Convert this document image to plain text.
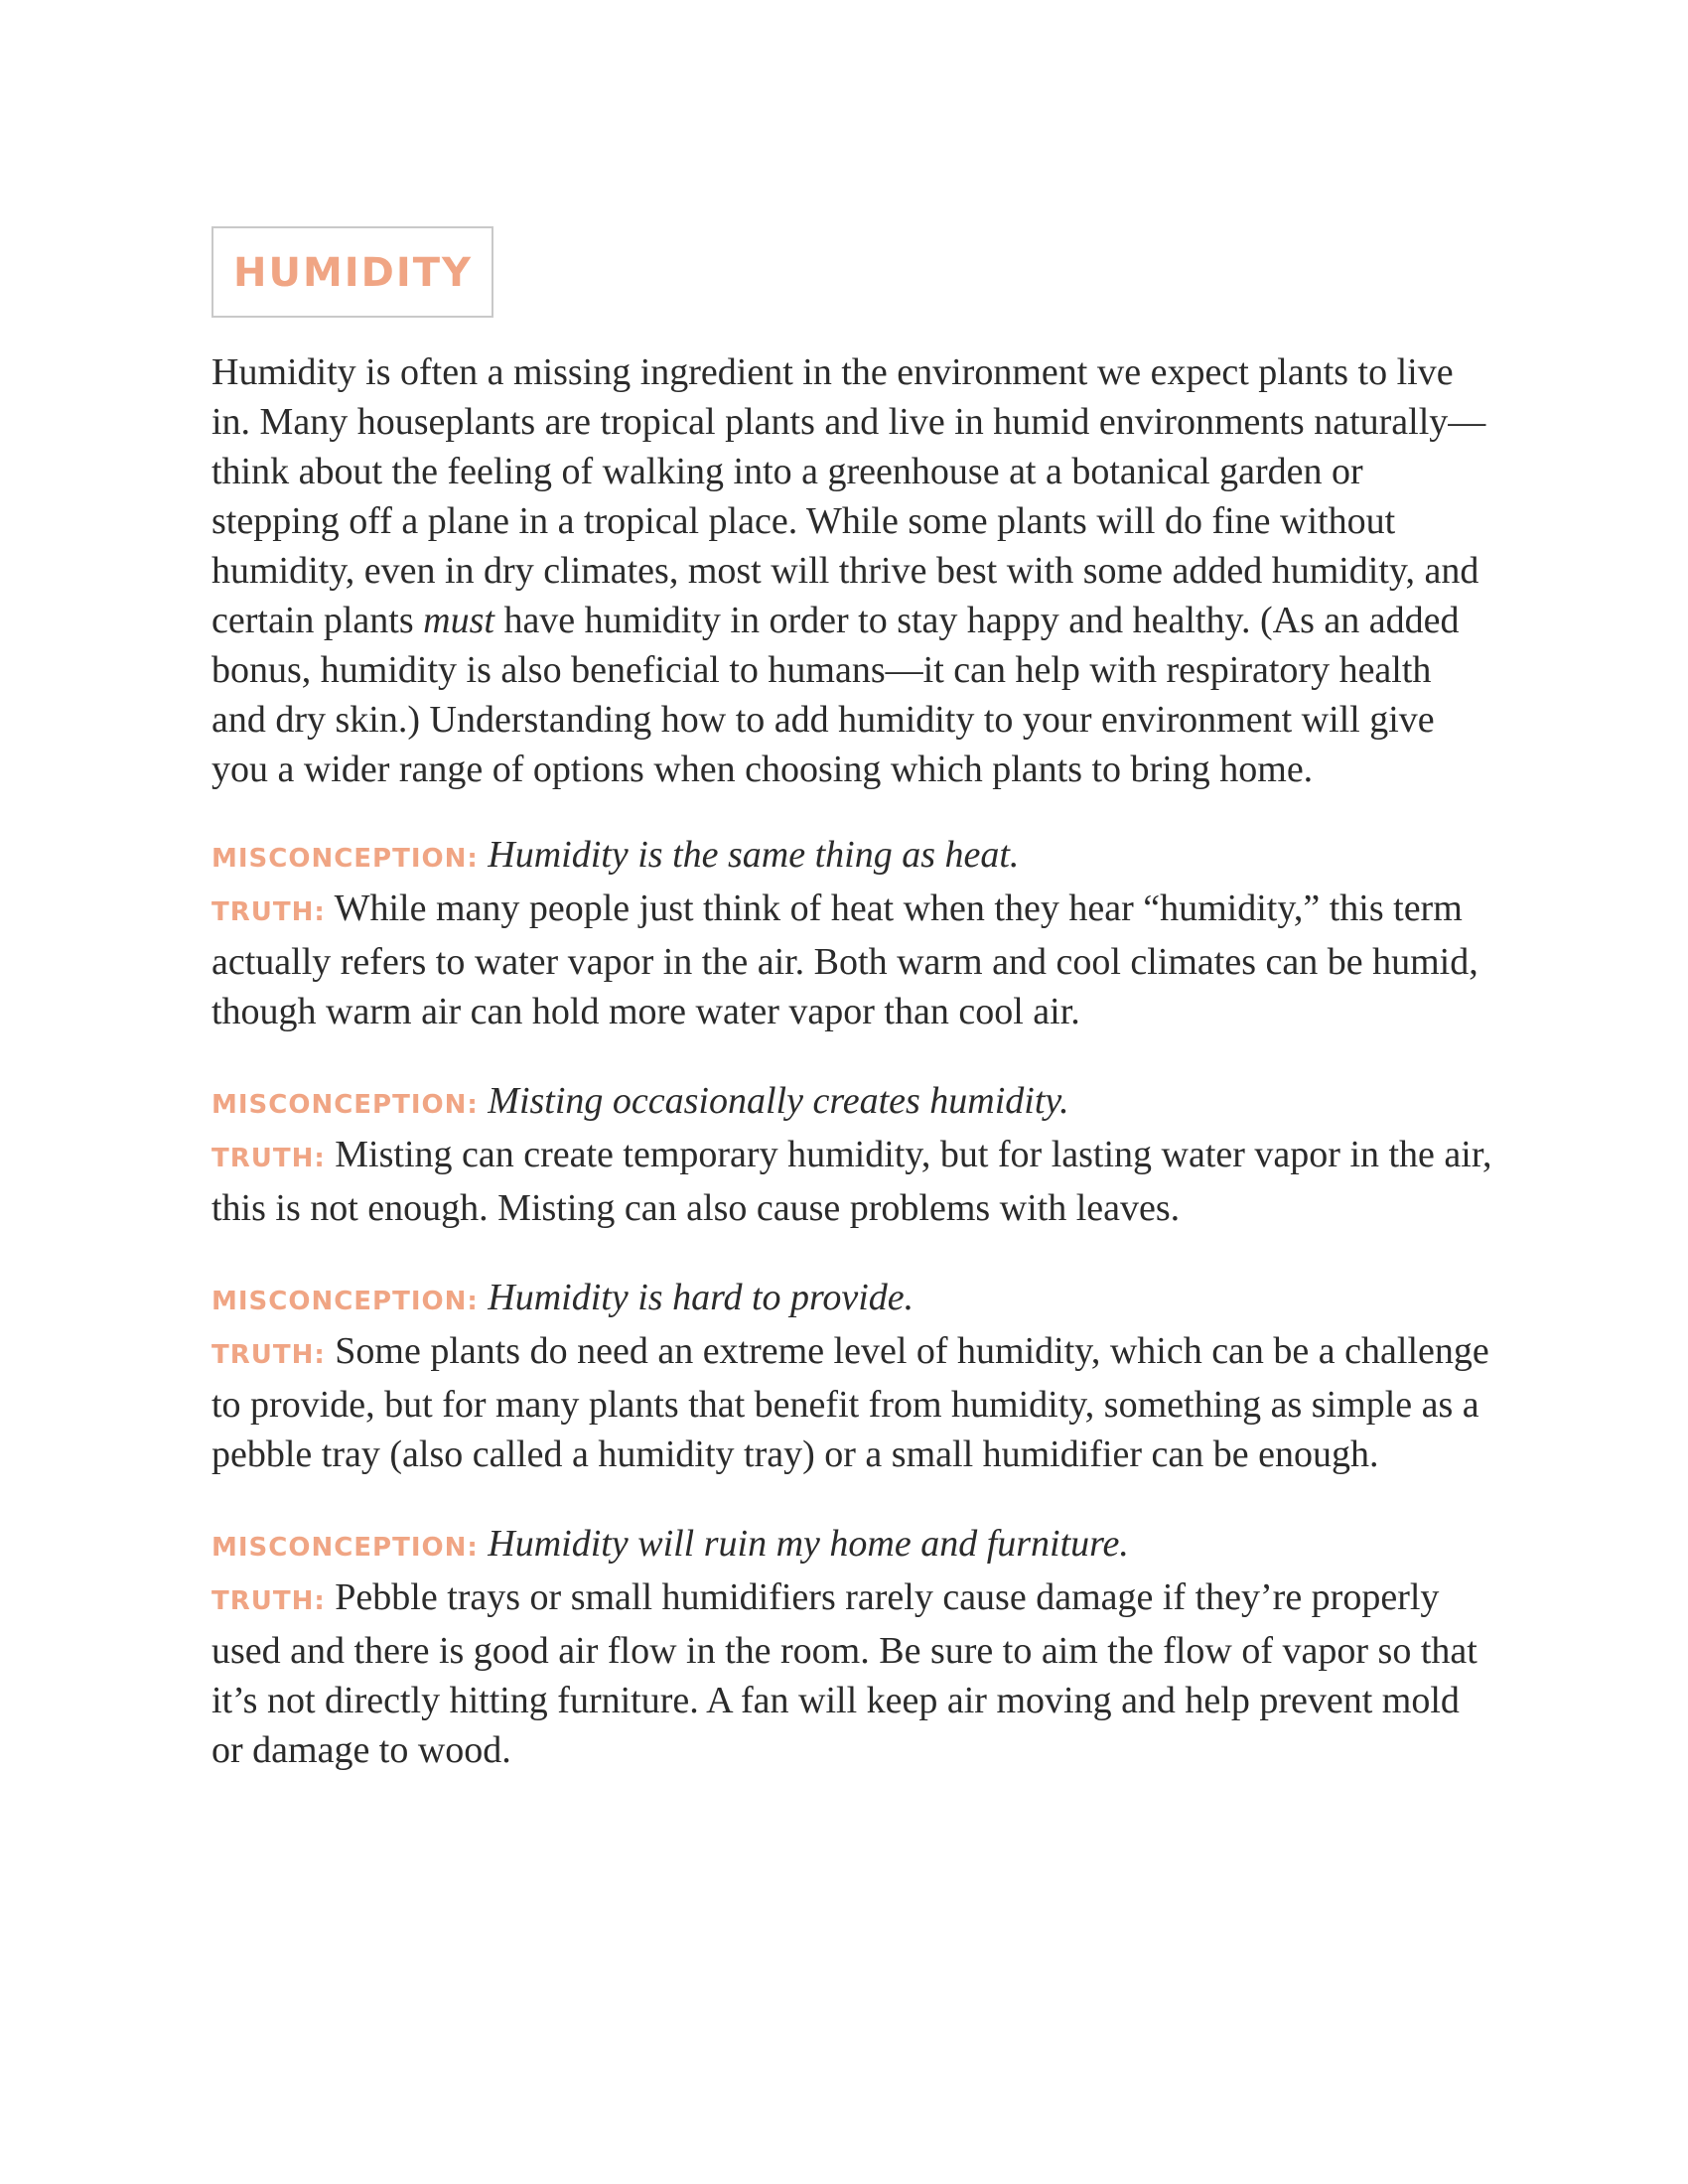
HUMIDITY

Humidity is often a missing ingredient in the environment we expect plants to live in. Many houseplants are tropical plants and live in humid environments naturally—think about the feeling of walking into a greenhouse at a botanical garden or stepping off a plane in a tropical place. While some plants will do fine without humidity, even in dry climates, most will thrive best with some added humidity, and certain plants must have humidity in order to stay happy and healthy. (As an added bonus, humidity is also beneficial to humans—it can help with respiratory health and dry skin.) Understanding how to add humidity to your environment will give you a wider range of options when choosing which plants to bring home.

MISCONCEPTION: Humidity is the same thing as heat.
TRUTH: While many people just think of heat when they hear “humidity,” this term actually refers to water vapor in the air. Both warm and cool climates can be humid, though warm air can hold more water vapor than cool air.
MISCONCEPTION: Misting occasionally creates humidity.
TRUTH: Misting can create temporary humidity, but for lasting water vapor in the air, this is not enough. Misting can also cause problems with leaves.
MISCONCEPTION: Humidity is hard to provide.
TRUTH: Some plants do need an extreme level of humidity, which can be a challenge to provide, but for many plants that benefit from humidity, something as simple as a pebble tray (also called a humidity tray) or a small humidifier can be enough.
MISCONCEPTION: Humidity will ruin my home and furniture.
TRUTH: Pebble trays or small humidifiers rarely cause damage if they’re properly used and there is good air flow in the room. Be sure to aim the flow of vapor so that it’s not directly hitting furniture. A fan will keep air moving and help prevent mold or damage to wood.
